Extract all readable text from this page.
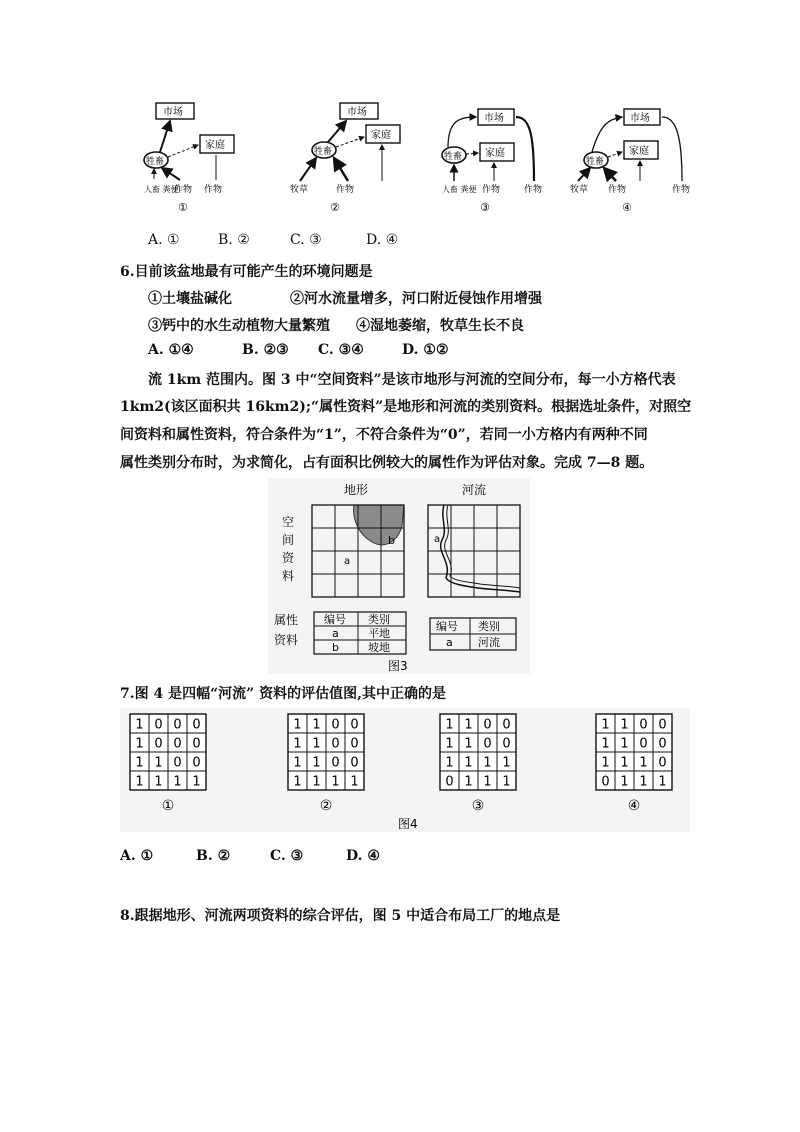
市场
家庭
牲畜
人畜 粪便
作物 作物
①
市场
家庭
牲畜
牧草	作物
②
市场
家庭
牲畜
人畜 粪便 作物	作物
③
市场
家庭
牲畜
牧草 作物	作物
④
A. ①	B. ②	C. ③	D. ④
6.目前该盆地最有可能产生的环境问题是
①土壤盐碱化	②河水流量增多，河口附近侵蚀作用增强
③钙中的水生动植物大量繁殖 ④湿地萎缩，牧草生长不良
A. ①④	B. ②③ C. ③④	D. ①②
流 1km 范围内。图 3 中“空间资料”是该市地形与河流的空间分布，每一小方格代表
1km2(该区面积共 16km2);“属性资料”是地形和河流的类别资料。根据选址条件，对照空
间资料和属性资料，符合条件为“1”，不符合条件为“0”，若同一小方格内有两种不同
属性类别分布时，为求简化，占有面积比例较大的属性作为评估对象。完成 7—8 题。
地形	河流
空
间
资
料
a
b	a
属性
资料
编号 类别
a	平地
b	坡地
编号 类别
a 河流
图3
7.图 4 是四幅“河流” 资料的评估值图,其中正确的是
图4
1 0 0 0
1 0 0 0
1 1 0 0
1 1 1 1
①
1 1 0 0
1 1 0 0
1 1 0 0
1 1 1 1
②
1 1 0 0
1 1 0 0
1 1 1 1
0 1 1 1
③
1 1 0 0
1 1 0 0
1 1 1 0
0 1 1 1
④
A. ①	B. ②	C. ③	D. ④
8.跟据地形、河流两项资料的综合评估，图 5 中适合布局工厂的地点是
